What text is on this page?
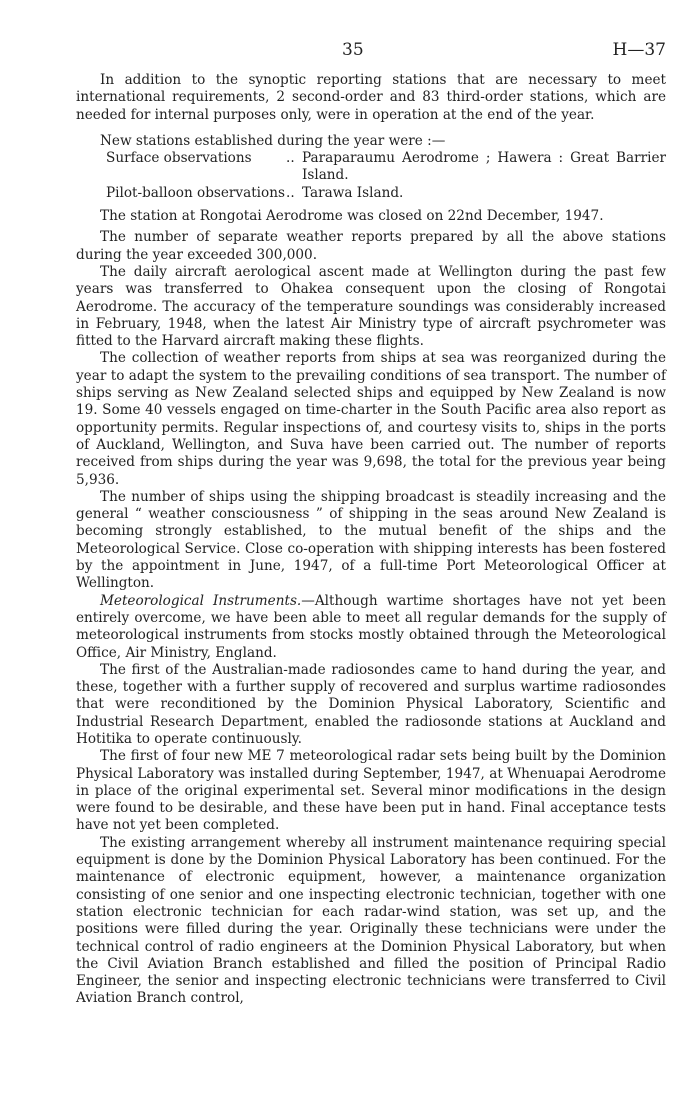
35	H—37

In addition to the synoptic reporting stations that are necessary to meet international requirements, 2 second-order and 83 third-order stations, which are needed for internal purposes only, were in operation at the end of the year.

New stations established during the year were :—

Surface observations	.. Paraparaumu Aerodrome ; Hawera : Great Barrier Island.
Pilot-balloon observations .. Tarawa Island.

The station at Rongotai Aerodrome was closed on 22nd December, 1947.

The number of separate weather reports prepared by all the above stations during the year exceeded 300,000.

The daily aircraft aerological ascent made at Wellington during the past few years was transferred to Ohakea consequent upon the closing of Rongotai Aerodrome. The accuracy of the temperature soundings was considerably increased in February, 1948, when the latest Air Ministry type of aircraft psychrometer was fitted to the Harvard aircraft making these flights.

The collection of weather reports from ships at sea was reorganized during the year to adapt the system to the prevailing conditions of sea transport. The number of ships serving as New Zealand selected ships and equipped by New Zealand is now 19. Some 40 vessels engaged on time-charter in the South Pacific area also report as opportunity permits. Regular inspections of, and courtesy visits to, ships in the ports of Auckland, Wellington, and Suva have been carried out. The number of reports received from ships during the year was 9,698, the total for the previous year being 5,936.

The number of ships using the shipping broadcast is steadily increasing and the general “ weather consciousness ” of shipping in the seas around New Zealand is becoming strongly established, to the mutual benefit of the ships and the Meteorological Service. Close co-operation with shipping interests has been fostered by the appointment in June, 1947, of a full-time Port Meteorological Officer at Wellington.

Meteorological Instruments.—Although wartime shortages have not yet been entirely overcome, we have been able to meet all regular demands for the supply of meteorological instruments from stocks mostly obtained through the Meteorological Office, Air Ministry, England.

The first of the Australian-made radiosondes came to hand during the year, and these, together with a further supply of recovered and surplus wartime radiosondes that were reconditioned by the Dominion Physical Laboratory, Scientific and Industrial Research Department, enabled the radiosonde stations at Auckland and Hotitika to operate continuously.

The first of four new ME 7 meteorological radar sets being built by the Dominion Physical Laboratory was installed during September, 1947, at Whenuapai Aerodrome in place of the original experimental set. Several minor modifications in the design were found to be desirable, and these have been put in hand. Final acceptance tests have not yet been completed.

The existing arrangement whereby all instrument maintenance requiring special equipment is done by the Dominion Physical Laboratory has been continued. For the maintenance of electronic equipment, however, a maintenance organization consisting of one senior and one inspecting electronic technician, together with one station electronic technician for each radar-wind station, was set up, and the positions were filled during the year. Originally these technicians were under the technical control of radio engineers at the Dominion Physical Laboratory, but when the Civil Aviation Branch established and filled the position of Principal Radio Engineer, the senior and inspecting electronic technicians were transferred to Civil Aviation Branch control,
